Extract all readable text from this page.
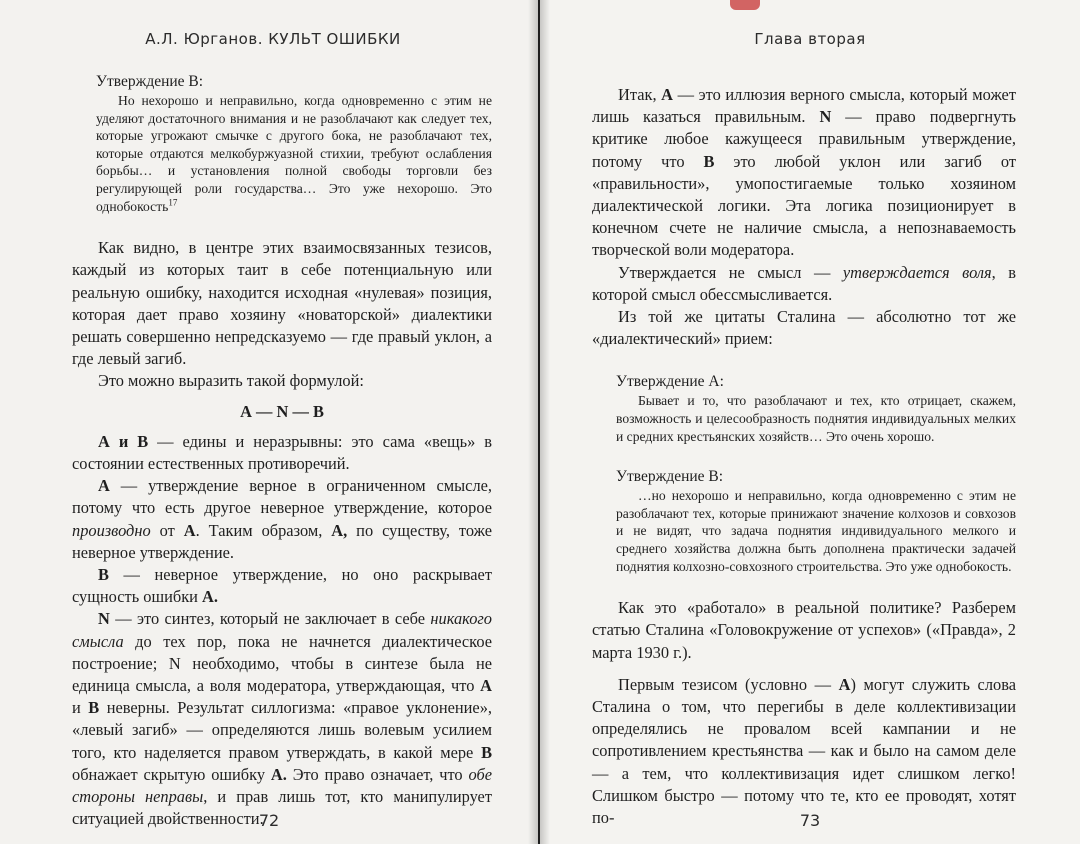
А.Л. Юрганов. КУЛЬТ ОШИБКИ

Утверждение В:

Но нехорошо и неправильно, когда одновременно с этим не уделяют достаточного внимания и не разоблачают как следует тех, которые угрожают смычке с другого бока, не разоблачают тех, которые отдаются мелкобуржуазной стихии, требуют ослабления борьбы… и установления полной свободы торговли без регулирующей роли государства… Это уже нехорошо. Это однобокость$^{17}$

Как видно, в центре этих взаимосвязанных тезисов, каждый из которых таит в себе потенциальную или реальную ошибку, находится исходная «нулевая» позиция, которая дает право хозяину «новаторской» диалектики решать совершенно непредсказуемо — где правый уклон, а где левый загиб.

Это можно выразить такой формулой:

А — N — В

А и В — едины и неразрывны: это сама «вещь» в состоянии естественных противоречий.

А — утверждение верное в ограниченном смысле, потому что есть другое неверное утверждение, которое производно от А. Таким образом, А, по существу, тоже неверное утверждение.

В — неверное утверждение, но оно раскрывает сущность ошибки А.

N — это синтез, который не заключает в себе никакого смысла до тех пор, пока не начнется диалектическое построение; N необходимо, чтобы в синтезе была не единица смысла, а воля модератора, утверждающая, что А и В неверны. Результат силлогизма: «правое уклонение», «левый загиб» — определяются лишь волевым усилием того, кто наделяется правом утверждать, в какой мере В обнажает скрытую ошибку А. Это право означает, что обе стороны неправы, и прав лишь тот, кто манипулирует ситуацией двойственности.

72
Глава вторая

Итак, А — это иллюзия верного смысла, который может лишь казаться правильным. N — право подвергнуть критике любое кажущееся правильным утверждение, потому что В это любой уклон или загиб от «правильности», умопостигаемые только хозяином диалектической логики. Эта логика позиционирует в конечном счете не наличие смысла, а непознаваемость творческой воли модератора.

Утверждается не смысл — утверждается воля, в которой смысл обессмысливается.

Из той же цитаты Сталина — абсолютно тот же «диалектический» прием:

Утверждение А:

Бывает и то, что разоблачают и тех, кто отрицает, скажем, возможность и целесообразность поднятия индивидуальных мелких и средних крестьянских хозяйств… Это очень хорошо.

Утверждение В:

…но нехорошо и неправильно, когда одновременно с этим не разоблачают тех, которые принижают значение колхозов и совхозов и не видят, что задача поднятия индивидуального мелкого и среднего хозяйства должна быть дополнена практически задачей поднятия колхозно-совхозного строительства. Это уже однобокость.

Как это «работало» в реальной политике? Разберем статью Сталина «Головокружение от успехов» («Правда», 2 марта 1930 г.).

Первым тезисом (условно — А) могут служить слова Сталина о том, что перегибы в деле коллективизации определялись не провалом всей кампании и не сопротивлением крестьянства — как и было на самом деле — а тем, что коллективизация идет слишком легко! Слишком быстро — потому что те, кто ее проводят, хотят по-	73
